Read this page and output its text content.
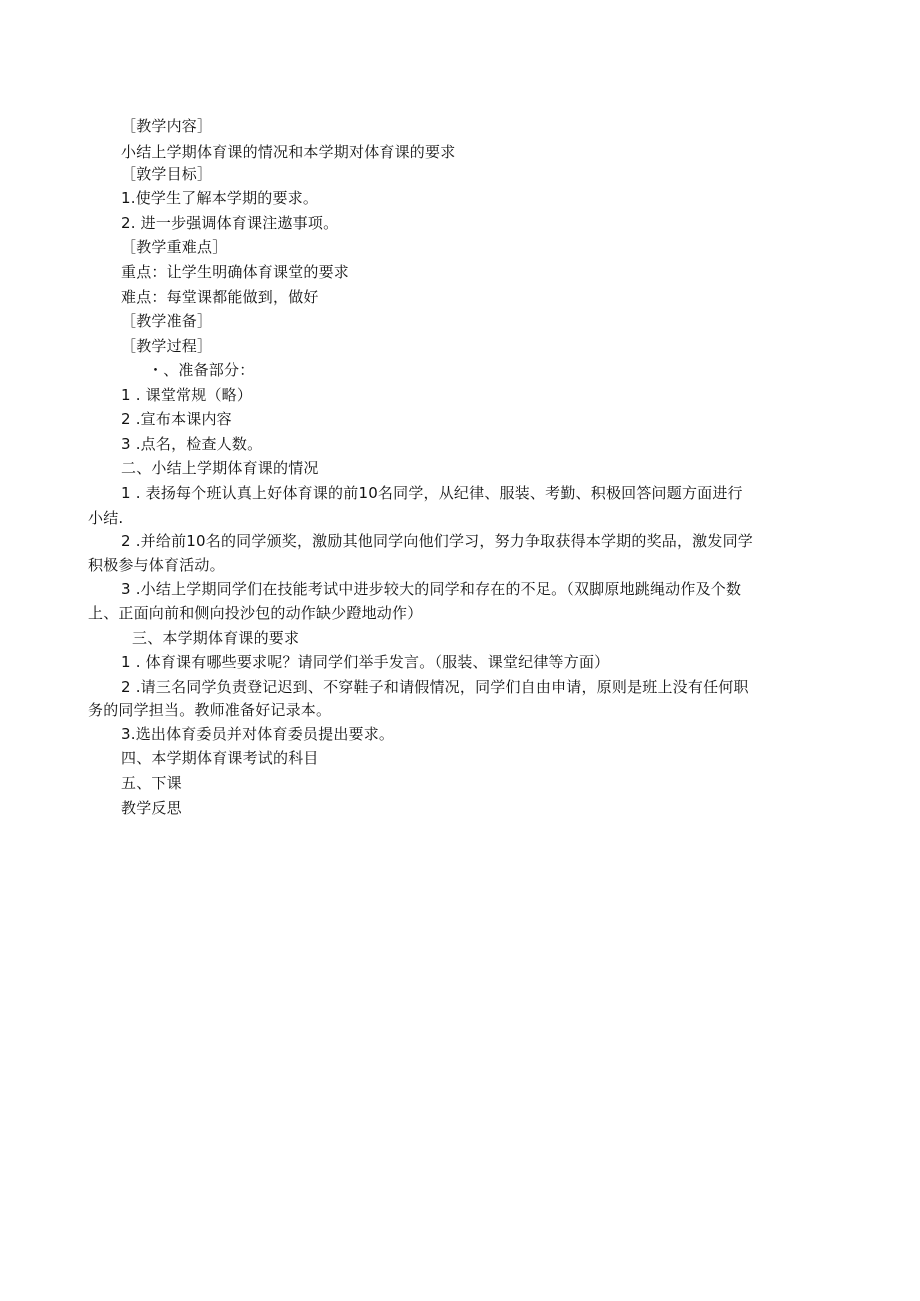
［教学内容］
小结上学期体育课的情况和本学期对体育课的要求
［敦学目标］
1.使学生了解本学期的要求。
2. 进一步强调体育课注遨事项。
［教学重难点］
重点：让学生明确体育课堂的要求
难点：每堂课都能做到，做好
［教学准备］
［教学过程］
・、准备部分：
1 . 课堂常规（略）
2 .宣布本课内容
3 .点名，检查人数。
二、小结上学期体育课的情况
1 . 表扬每个班认真上好体育课的前10名同学，从纪律、服装、考勤、积极回答问题方面进行
小结.
2 .并给前10名的同学颁奖，激励其他同学向他们学习，努力争取获得本学期的奖品，激发同学
积极参与体育活动。
3 .小结上学期同学们在技能考试中进步较大的同学和存在的不足。（双脚原地跳绳动作及个数
上、正面向前和侧向投沙包的动作缺少蹬地动作）
三、本学期体育课的要求
1 . 体育课有哪些要求呢？请同学们举手发言。（服装、课堂纪律等方面）
2 .请三名同学负责登记迟到、不穿鞋子和请假情况，同学们自由申请，原则是班上没有任何职
务的同学担当。教师准备好记录本。
3.选出体育委员并对体育委员提出要求。
四、本学期体育课考试的科目
五、下课
教学反思
